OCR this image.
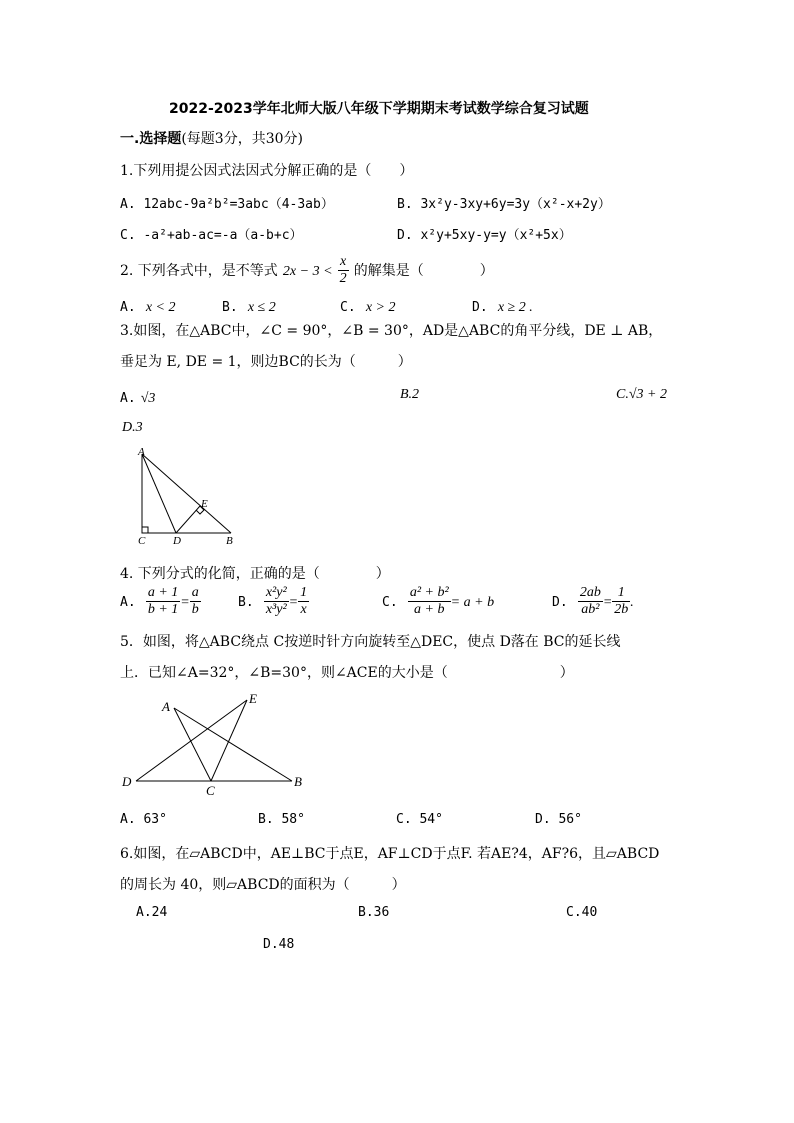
2022-2023学年北师大版八年级下学期期末考试数学综合复习试题
一.选择题(每题3分，共30分)
1.下列用提公因式法因式分解正确的是（　　）
A. 12abc-9a²b²=3abc（4-3ab）	B. 3x²y-3xy+6y=3y（x²-x+2y）
C. -a²+ab-ac=-a（a-b+c）	D. x²y+5xy-y=y（x²+5x）
2. 下列各式中，是不等式 $2x - 3 < \frac{x}{2}$ 的解集是（　　　　）
A. x < 2	B. x ≤ 2	C. x > 2	D. x ≥ 2 .
3.如图，在△ABC中，∠C = 90°，∠B = 30°，AD是△ABC的角平分线，DE ⊥ AB，
垂足为 E, DE = 1，则边BC的长为（　　　）
A. √3	B.2	C.√3 + 2
D.3
A
C	D	B
E
4. 下列分式的化简，正确的是（　　　　）
A. $\frac{a + 1}{b + 1} = \frac{a}{b}$	B. $\frac{\text{x²y²}}{\text{x³y²}} = \frac{1}{x}$	C. $\frac{\text{a² + b²}}{a + b} = a + b$	D. $\frac{2ab}{\text{ab²}} = \frac{1}{2b}$ .
5．如图，将△ABC绕点 C按逆时针方向旋转至△DEC，使点 D落在 BC的延长线
上．已知∠A=32°，∠B=30°，则∠ACE的大小是（　　　　　　　　）
A
E
D
C
B
A. 63°	B. 58°	C. 54°	D. 56°
6.如图，在▱ABCD中，AE⊥BC于点E，AF⊥CD于点F. 若AE?4，AF?6，且▱ABCD
的周长为 40，则▱ABCD的面积为（　　　）
A.24	B.36	C.40
D.48
